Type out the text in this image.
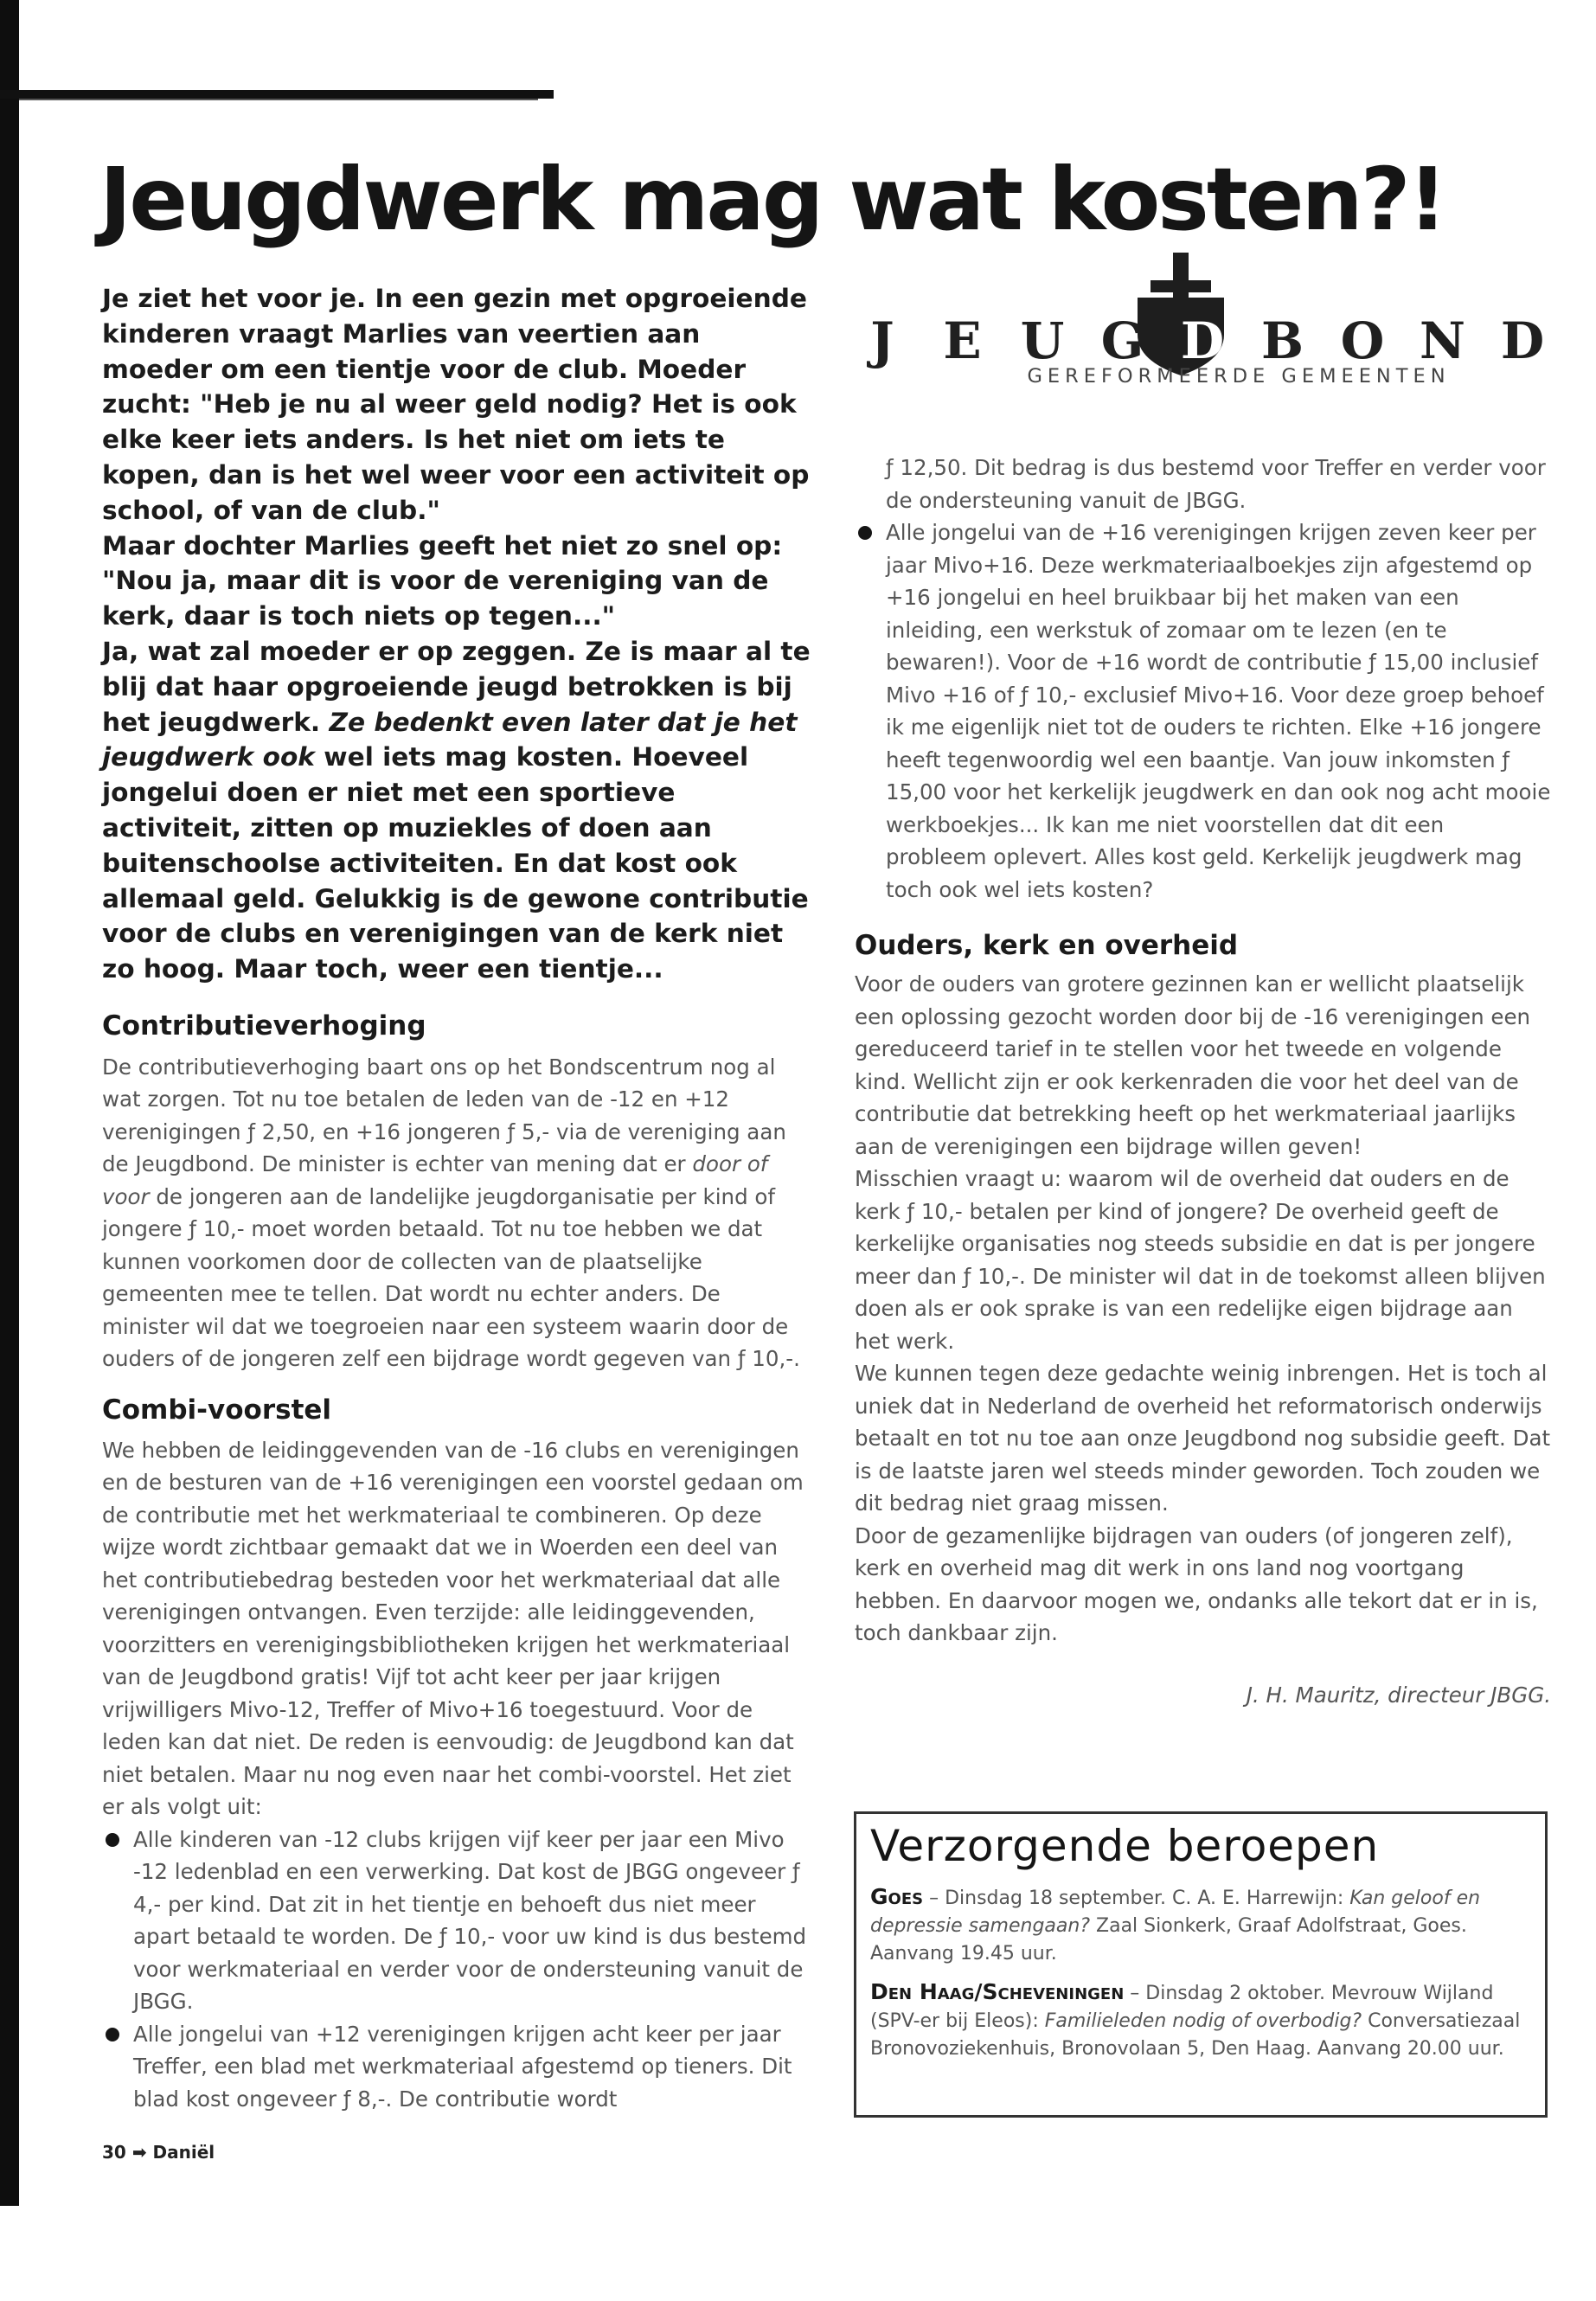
Jeugdwerk mag wat kosten?!

Je ziet het voor je. In een gezin met opgroeiende kinderen vraagt Marlies van veertien aan moeder om een tientje voor de club. Moeder zucht: "Heb je nu al weer geld nodig? Het is ook elke keer iets anders. Is het niet om iets te kopen, dan is het wel weer voor een activiteit op school, of van de club."

Maar dochter Marlies geeft het niet zo snel op: "Nou ja, maar dit is voor de vereniging van de kerk, daar is toch niets op tegen..."

Ja, wat zal moeder er op zeggen. Ze is maar al te blij dat haar opgroeiende jeugd betrokken is bij het jeugdwerk. Ze bedenkt even later dat je het jeugdwerk ook wel iets mag kosten. Hoeveel jongelui doen er niet met een sportieve activiteit, zitten op muziekles of doen aan buitenschoolse activiteiten. En dat kost ook allemaal geld. Gelukkig is de gewone contributie voor de clubs en verenigingen van de kerk niet zo hoog. Maar toch, weer een tientje...

Contributieverhoging

De contributieverhoging baart ons op het Bondscentrum nog al wat zorgen. Tot nu toe betalen de leden van de -12 en +12 verenigingen ƒ 2,50, en +16 jongeren ƒ 5,- via de vereniging aan de Jeugdbond. De minister is echter van mening dat er door of voor de jongeren aan de landelijke jeugdorganisatie per kind of jongere ƒ 10,- moet worden betaald. Tot nu toe hebben we dat kunnen voorkomen door de collecten van de plaatselijke gemeenten mee te tellen. Dat wordt nu echter anders. De minister wil dat we toegroeien naar een systeem waarin door de ouders of de jongeren zelf een bijdrage wordt gegeven van ƒ 10,-.

Combi-voorstel

We hebben de leidinggevenden van de -16 clubs en verenigingen en de besturen van de +16 verenigingen een voorstel gedaan om de contributie met het werkmateriaal te combineren. Op deze wijze wordt zichtbaar gemaakt dat we in Woerden een deel van het contributiebedrag besteden voor het werkmateriaal dat alle verenigingen ontvangen. Even terzijde: alle leidinggevenden, voorzitters en verenigingsbibliotheken krijgen het werkmateriaal van de Jeugdbond gratis! Vijf tot acht keer per jaar krijgen vrijwilligers Mivo-12, Treffer of Mivo+16 toegestuurd. Voor de leden kan dat niet. De reden is eenvoudig: de Jeugdbond kan dat niet betalen. Maar nu nog even naar het combi-voorstel. Het ziet er als volgt uit:

Alle kinderen van -12 clubs krijgen vijf keer per jaar een Mivo -12 ledenblad en een verwerking. Dat kost de JBGG ongeveer ƒ 4,- per kind. Dat zit in het tientje en behoeft dus niet meer apart betaald te worden. De ƒ 10,- voor uw kind is dus bestemd voor werkmateriaal en verder voor de ondersteuning vanuit de JBGG.
Alle jongelui van +12 verenigingen krijgen acht keer per jaar Treffer, een blad met werkmateriaal afgestemd op tieners. Dit blad kost ongeveer ƒ 8,-. De contributie wordt
J E U G D B O N D
GEREFORMEERDE GEMEENTEN

ƒ 12,50. Dit bedrag is dus bestemd voor Treffer en verder voor de ondersteuning vanuit de JBGG.

Alle jongelui van de +16 verenigingen krijgen zeven keer per jaar Mivo+16. Deze werkmateriaalboekjes zijn afgestemd op +16 jongelui en heel bruikbaar bij het maken van een inleiding, een werkstuk of zomaar om te lezen (en te bewaren!). Voor de +16 wordt de contributie ƒ 15,00 inclusief Mivo +16 of ƒ 10,- exclusief Mivo+16. Voor deze groep behoef ik me eigenlijk niet tot de ouders te richten. Elke +16 jongere heeft tegenwoordig wel een baantje. Van jouw inkomsten ƒ 15,00 voor het kerkelijk jeugdwerk en dan ook nog acht mooie werkboekjes... Ik kan me niet voorstellen dat dit een probleem oplevert. Alles kost geld. Kerkelijk jeugdwerk mag toch ook wel iets kosten?
Ouders, kerk en overheid

Voor de ouders van grotere gezinnen kan er wellicht plaatselijk een oplossing gezocht worden door bij de -16 verenigingen een gereduceerd tarief in te stellen voor het tweede en volgende kind. Wellicht zijn er ook kerkenraden die voor het deel van de contributie dat betrekking heeft op het werkmateriaal jaarlijks aan de verenigingen een bijdrage willen geven!

Misschien vraagt u: waarom wil de overheid dat ouders en de kerk ƒ 10,- betalen per kind of jongere? De overheid geeft de kerkelijke organisaties nog steeds subsidie en dat is per jongere meer dan ƒ 10,-. De minister wil dat in de toekomst alleen blijven doen als er ook sprake is van een redelijke eigen bijdrage aan het werk.

We kunnen tegen deze gedachte weinig inbrengen. Het is toch al uniek dat in Nederland de overheid het reformatorisch onderwijs betaalt en tot nu toe aan onze Jeugdbond nog subsidie geeft. Dat is de laatste jaren wel steeds minder geworden. Toch zouden we dit bedrag niet graag missen.

Door de gezamenlijke bijdragen van ouders (of jongeren zelf), kerk en overheid mag dit werk in ons land nog voortgang hebben. En daarvoor mogen we, ondanks alle tekort dat er in is, toch dankbaar zijn.

J. H. Mauritz, directeur JBGG.

Verzorgende beroepen

Goes – Dinsdag 18 september. C. A. E. Harrewijn: Kan geloof en depressie samengaan? Zaal Sionkerk, Graaf Adolfstraat, Goes. Aanvang 19.45 uur.

Den Haag/Scheveningen – Dinsdag 2 oktober. Mevrouw Wijland (SPV-er bij Eleos): Familieleden nodig of overbodig? Conversatiezaal Bronovoziekenhuis, Bronovolaan 5, Den Haag. Aanvang 20.00 uur.

30 ➡ Daniël
